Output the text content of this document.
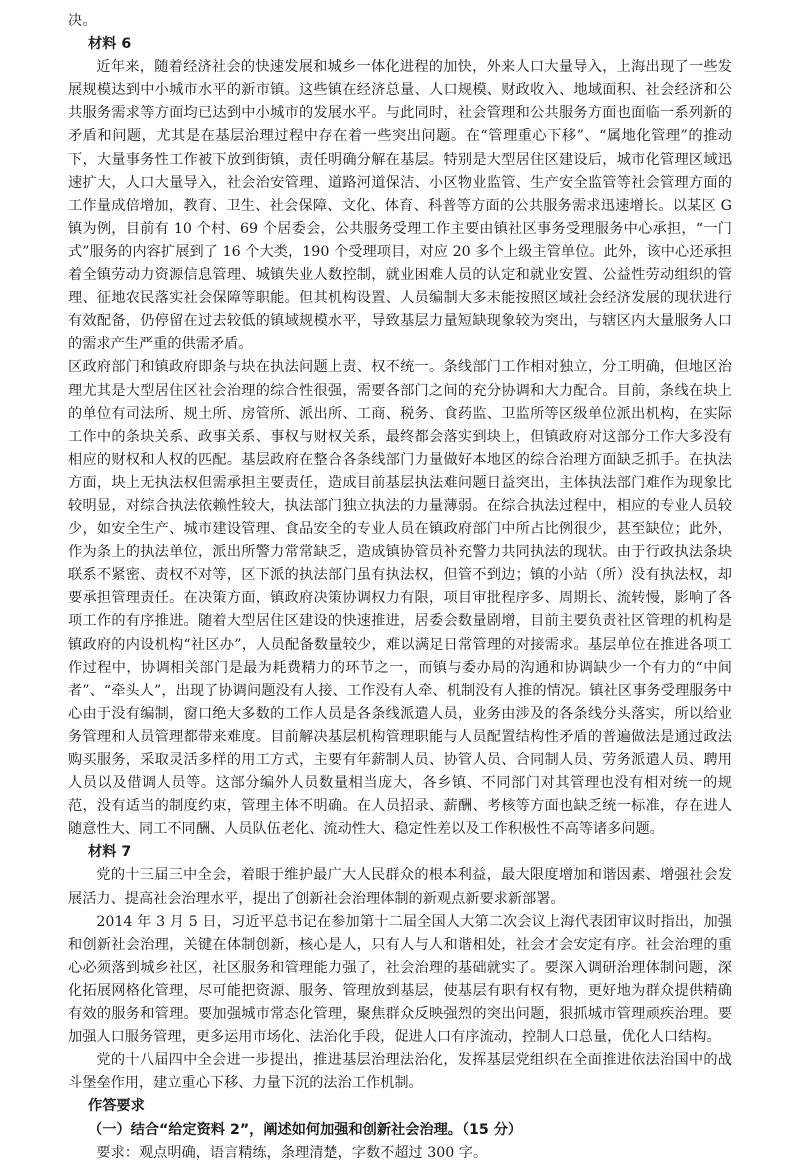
决。

材料 6

近年来，随着经济社会的快速发展和城乡一体化进程的加快，外来人口大量导入，上海出现了一些发展规模达到中小城市水平的新市镇。这些镇在经济总量、人口规模、财政收入、地域面积、社会经济和公共服务需求等方面均已达到中小城市的发展水平。与此同时，社会管理和公共服务方面也面临一系列新的矛盾和问题，尤其是在基层治理过程中存在着一些突出问题。在“管理重心下移”、“属地化管理”的推动下，大量事务性工作被下放到街镇，责任明确分解在基层。特别是大型居住区建设后，城市化管理区域迅速扩大，人口大量导入，社会治安管理、道路河道保洁、小区物业监管、生产安全监管等社会管理方面的工作量成倍增加，教育、卫生、社会保障、文化、体育、科普等方面的公共服务需求迅速增长。以某区 G 镇为例，目前有 10 个村、69 个居委会，公共服务受理工作主要由镇社区事务受理服务中心承担，“一门式”服务的内容扩展到了 16 个大类，190 个受理项目，对应 20 多个上级主管单位。此外，该中心还承担着全镇劳动力资源信息管理、城镇失业人数控制，就业困难人员的认定和就业安置、公益性劳动组织的管理、征地农民落实社会保障等职能。但其机构设置、人员编制大多未能按照区域社会经济发展的现状进行有效配备，仍停留在过去较低的镇域规模水平，导致基层力量短缺现象较为突出，与辖区内大量服务人口的需求产生严重的供需矛盾。

区政府部门和镇政府即条与块在执法问题上责、权不统一。条线部门工作相对独立，分工明确，但地区治理尤其是大型居住区社会治理的综合性很强，需要各部门之间的充分协调和大力配合。目前，条线在块上的单位有司法所、规土所、房管所、派出所、工商、税务、食药监、卫监所等区级单位派出机构，在实际工作中的条块关系、政事关系、事权与财权关系，最终都会落实到块上，但镇政府对这部分工作大多没有相应的财权和人权的匹配。基层政府在整合各条线部门力量做好本地区的综合治理方面缺乏抓手。在执法方面，块上无执法权但需承担主要责任，造成目前基层执法难问题日益突出，主体执法部门难作为现象比较明显，对综合执法依赖性较大，执法部门独立执法的力量薄弱。在综合执法过程中，相应的专业人员较少，如安全生产、城市建设管理、食品安全的专业人员在镇政府部门中所占比例很少，甚至缺位；此外，作为条上的执法单位，派出所警力常常缺乏，造成镇协管员补充警力共同执法的现状。由于行政执法条块联系不紧密、责权不对等，区下派的执法部门虽有执法权，但管不到边；镇的小站（所）没有执法权，却要承担管理责任。在决策方面，镇政府决策协调权力有限，项目审批程序多、周期长、流转慢，影响了各项工作的有序推进。随着大型居住区建设的快速推进，居委会数量剧增，目前主要负责社区管理的机构是镇政府的内设机构“社区办”，人员配备数量较少，难以满足日常管理的对接需求。基层单位在推进各项工作过程中，协调相关部门是最为耗费精力的环节之一，而镇与委办局的沟通和协调缺少一个有力的“中间者”、“牵头人”，出现了协调问题没有人接、工作没有人牵、机制没有人推的情况。镇社区事务受理服务中心由于没有编制，窗口绝大多数的工作人员是各条线派遣人员，业务由涉及的各条线分头落实，所以给业务管理和人员管理都带来难度。目前解决基层机构管理职能与人员配置结构性矛盾的普遍做法是通过政法购买服务，采取灵活多样的用工方式，主要有年薪制人员、协管人员、合同制人员、劳务派遣人员、聘用人员以及借调人员等。这部分编外人员数量相当庞大，各乡镇、不同部门对其管理也没有相对统一的规范，没有适当的制度约束，管理主体不明确。在人员招录、薪酬、考核等方面也缺乏统一标准，存在进人随意性大、同工不同酬、人员队伍老化、流动性大、稳定性差以及工作积极性不高等诸多问题。

材料 7

党的十三届三中全会，着眼于维护最广大人民群众的根本利益，最大限度增加和谐因素、增强社会发展活力、提高社会治理水平，提出了创新社会治理体制的新观点新要求新部署。

2014 年 3 月 5 日，习近平总书记在参加第十二届全国人大第二次会议上海代表团审议时指出，加强和创新社会治理，关键在体制创新，核心是人，只有人与人和谐相处，社会才会安定有序。社会治理的重心必须落到城乡社区，社区服务和管理能力强了，社会治理的基础就实了。要深入调研治理体制问题，深化拓展网格化管理，尽可能把资源、服务、管理放到基层，使基层有职有权有物，更好地为群众提供精确有效的服务和管理。要加强城市常态化管理，聚焦群众反映强烈的突出问题，狠抓城市管理顽疾治理。要加强人口服务管理，更多运用市场化、法治化手段，促进人口有序流动，控制人口总量，优化人口结构。

党的十八届四中全会进一步提出，推进基层治理法治化，发挥基层党组织在全面推进依法治国中的战斗堡垒作用，建立重心下移、力量下沉的法治工作机制。

作答要求

（一）结合“给定资料 2”，阐述如何加强和创新社会治理。（15 分）

要求：观点明确，语言精练，条理清楚，字数不超过 300 字。
